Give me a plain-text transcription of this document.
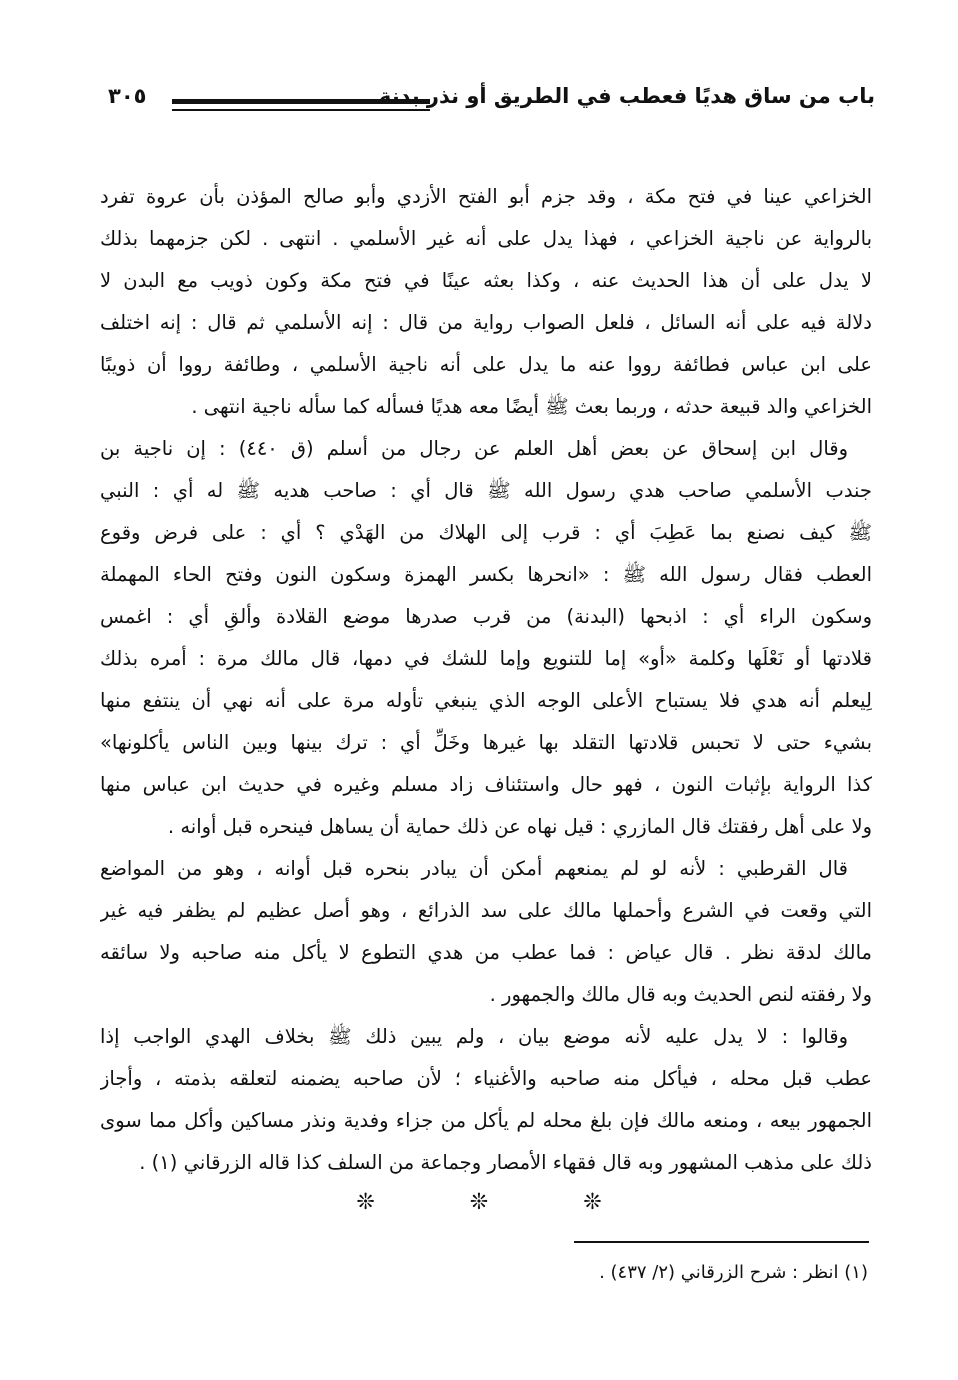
باب من ساق هديًا فعطب في الطريق أو نذر بدنة
٣٠٥
الخزاعي عينا في فتح مكة ، وقد جزم أبو الفتح الأزدي وأبو صالح المؤذن بأن عروة تفرد
بالرواية عن ناجية الخزاعي ، فهذا يدل على أنه غير الأسلمي . انتهى . لكن جزمهما بذلك
لا يدل على أن هذا الحديث عنه ، وكذا بعثه عينًا في فتح مكة وكون ذويب مع البدن لا
دلالة فيه على أنه السائل ، فلعل الصواب رواية من قال : إنه الأسلمي ثم قال : إنه اختلف
على ابن عباس فطائفة رووا عنه ما يدل على أنه ناجية الأسلمي ، وطائفة رووا أن ذويبًا
الخزاعي والد قبيعة حدثه ، وربما بعث ﷺ أيضًا معه هديًا فسأله كما سأله ناجية انتهى .
وقال ابن إسحاق عن بعض أهل العلم عن رجال من أسلم (ق ٤٤٠) : إن ناجية بن
جندب الأسلمي صاحب هدي رسول الله ﷺ قال أي : صاحب هديه ﷺ له أي : النبي
ﷺ كيف نصنع بما عَطِبَ أي : قرب إلى الهلاك من الهَدْي ؟ أي : على فرض وقوع
العطب فقال رسول الله ﷺ : «انحرها بكسر الهمزة وسكون النون وفتح الحاء المهملة
وسكون الراء أي : اذبحها (البدنة) من قرب صدرها موضع القلادة وألقِ أي : اغمس
قلادتها أو نَعْلَها وكلمة «أو» إما للتنويع وإما للشك في دمها، قال مالك مرة : أمره بذلك
لِيعلم أنه هدي فلا يستباح الأعلى الوجه الذي ينبغي تأوله مرة على أنه نهي أن ينتفع منها
بشيء حتى لا تحبس قلادتها التقلد بها غيرها وخَلِّ أي : ترك بينها وبين الناس يأكلونها»
كذا الرواية بإثبات النون ، فهو حال واستئناف زاد مسلم وغيره في حديث ابن عباس منها
ولا على أهل رفقتك قال المازري : قيل نهاه عن ذلك حماية أن يساهل فينحره قبل أوانه .
قال القرطبي : لأنه لو لم يمنعهم أمكن أن يبادر بنحره قبل أوانه ، وهو من المواضع
التي وقعت في الشرع وأحملها مالك على سد الذرائع ، وهو أصل عظيم لم يظفر فيه غير
مالك لدقة نظر . قال عياض : فما عطب من هدي التطوع لا يأكل منه صاحبه ولا سائقه
ولا رفقته لنص الحديث وبه قال مالك والجمهور .
وقالوا : لا يدل عليه لأنه موضع بيان ، ولم يبين ذلك ﷺ بخلاف الهدي الواجب إذا
عطب قبل محله ، فيأكل منه صاحبه والأغنياء ؛ لأن صاحبه يضمنه لتعلقه بذمته ، وأجاز
الجمهور بيعه ، ومنعه مالك فإن بلغ محله لم يأكل من جزاء وفدية ونذر مساكين وأكل مما سوى
ذلك على مذهب المشهور وبه قال فقهاء الأمصار وجماعة من السلف كذا قاله الزرقاني (١) .
❊ ❊ ❊
(١) انظر : شرح الزرقاني (٢/ ٤٣٧) .
